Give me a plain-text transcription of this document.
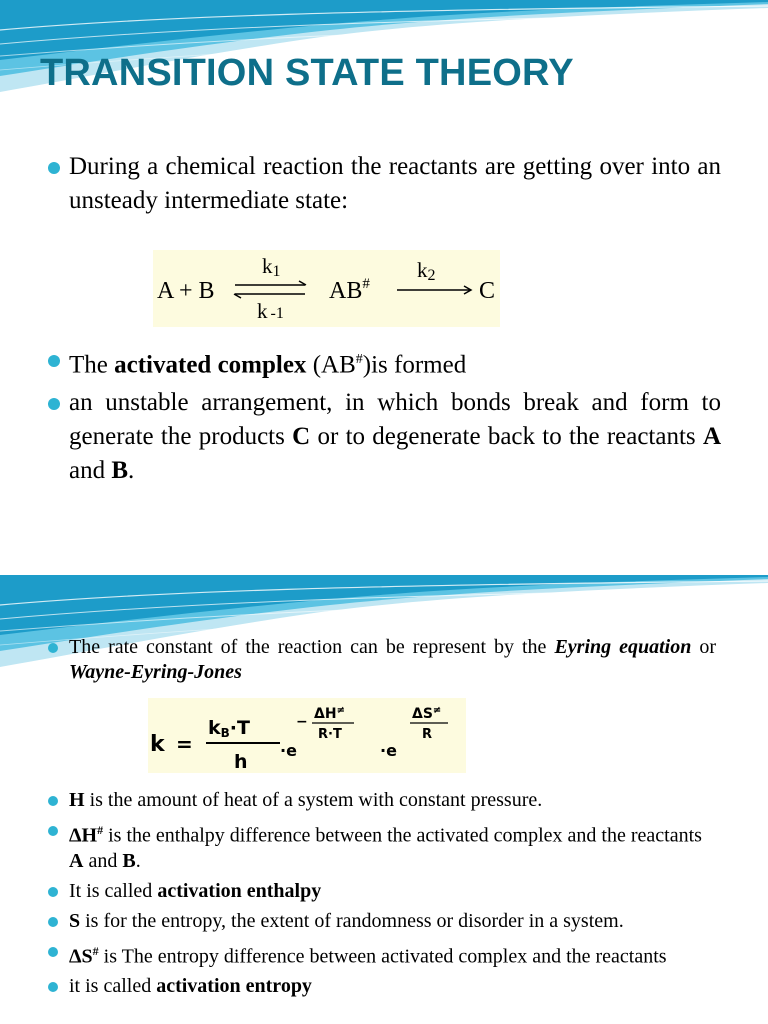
TRANSITION STATE THEORY
During a chemical reaction the reactants are getting over into an unsteady intermediate state:
A + B
k1
k -1
AB#
k2
C
The activated complex (AB#)is formed
an unstable arrangement, in which bonds break and form to generate the products C or to degenerate back to the reactants A and B.
The rate constant of the reaction can be represent by the Eyring equation or Wayne-Eyring-Jones
k =
kB·T
h
·e
− ΔH≠
R·T
·e
ΔS≠
R
H is the amount of heat of a system with constant pressure.
ΔH# is the enthalpy difference between the activated complex and the reactants A and B.
It is called activation enthalpy
S is for the entropy, the extent of randomness or disorder in a system.
ΔS# is The entropy difference between activated complex and the reactants
it is called activation entropy
